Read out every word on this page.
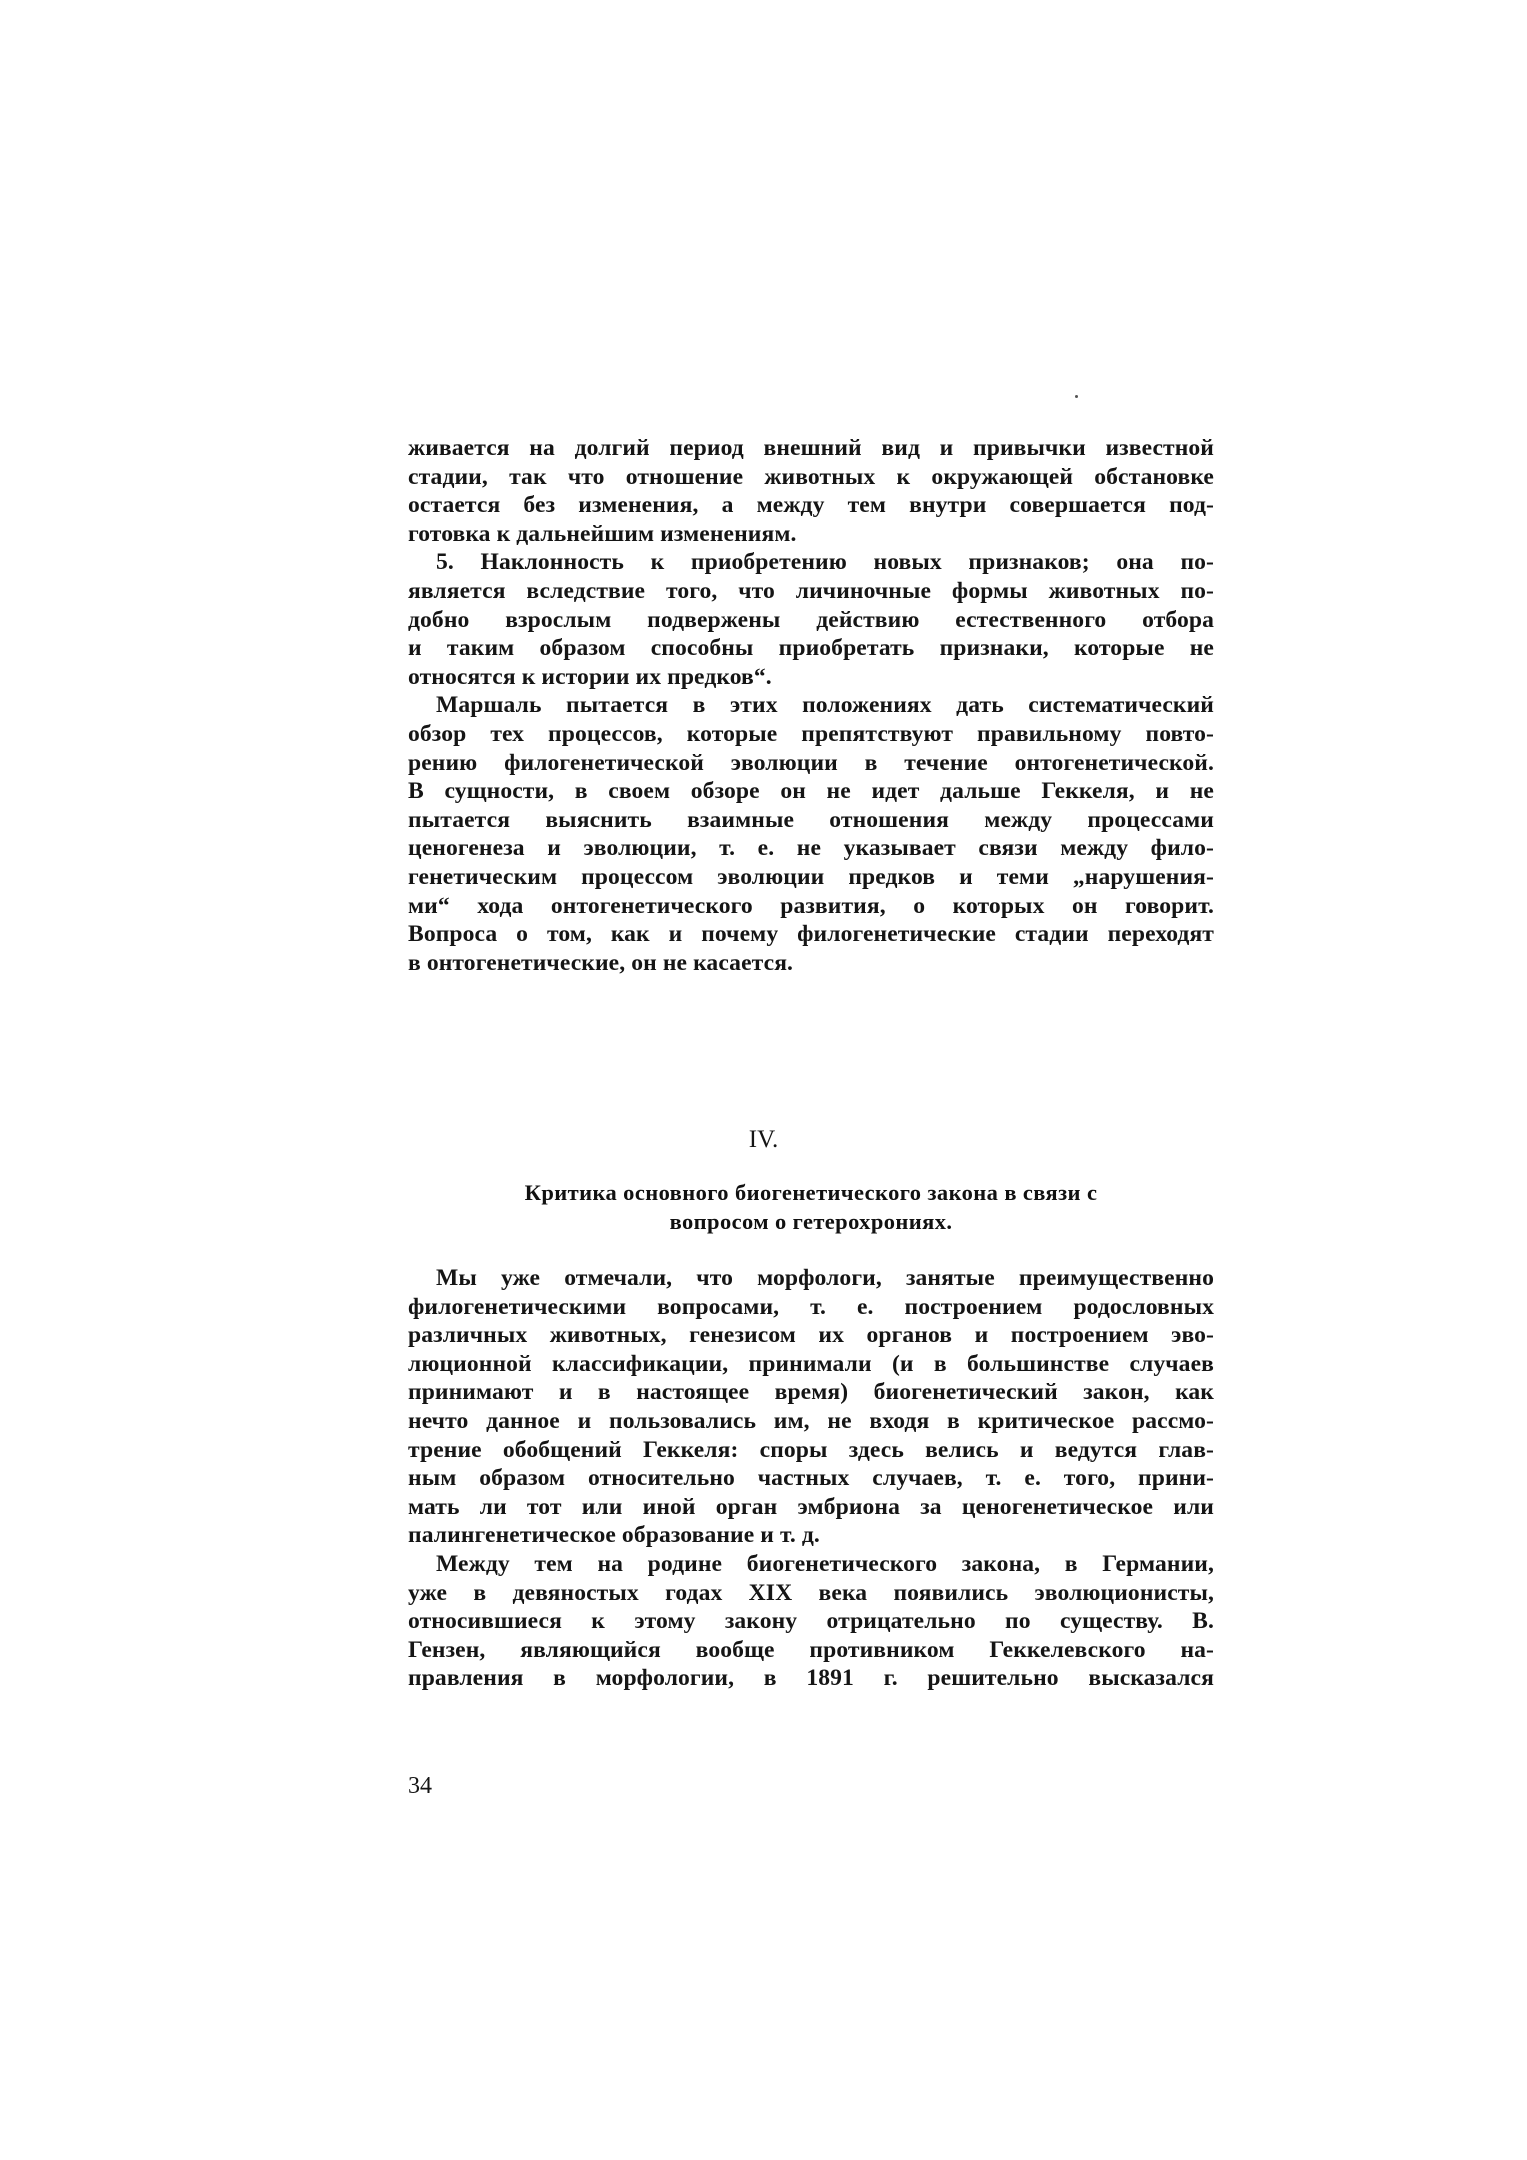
живается на долгий период внешний вид и привычки известной
стадии, так что отношение животных к окружающей обстановке
остается без изменения, а между тем внутри совершается под-
готовка к дальнейшим изменениям.
5. Наклонность к приобретению новых признаков; она по-
является вследствие того, что личиночные формы животных по-
добно взрослым подвержены действию естественного отбора
и таким образом способны приобретать признаки, которые не
относятся к истории их предков“.
Маршаль пытается в этих положениях дать систематический
обзор тех процессов, которые препятствуют правильному повто-
рению филогенетической эволюции в течение онтогенетической.
В сущности, в своем обзоре он не идет дальше Геккеля, и не
пытается выяснить взаимные отношения между процессами
ценогенеза и эволюции, т. е. не указывает связи между фило-
генетическим процессом эволюции предков и теми „нарушения-
ми“ хода онтогенетического развития, о которых он говорит.
Вопроса о том, как и почему филогенетические стадии переходят
в онтогенетические, он не касается.
IV.
Критика основного биогенетического закона в связи с
вопросом о гетерохрониях.
Мы уже отмечали, что морфологи, занятые преимущественно
филогенетическими вопросами, т. е. построением родословных
различных животных, генезисом их органов и построением эво-
люционной классификации, принимали (и в большинстве случаев
принимают и в настоящее время) биогенетический закон, как
нечто данное и пользовались им, не входя в критическое рассмо-
трение обобщений Геккеля: споры здесь велись и ведутся глав-
ным образом относительно частных случаев, т. е. того, прини-
мать ли тот или иной орган эмбриона за ценогенетическое или
палингенетическое образование и т. д.
Между тем на родине биогенетического закона, в Германии,
уже в девяностых годах XIX века появились эволюционисты,
относившиеся к этому закону отрицательно по существу. В.
Гензен, являющийся вообще противником Геккелевского на-
правления в морфологии, в 1891 г. решительно высказался
34
